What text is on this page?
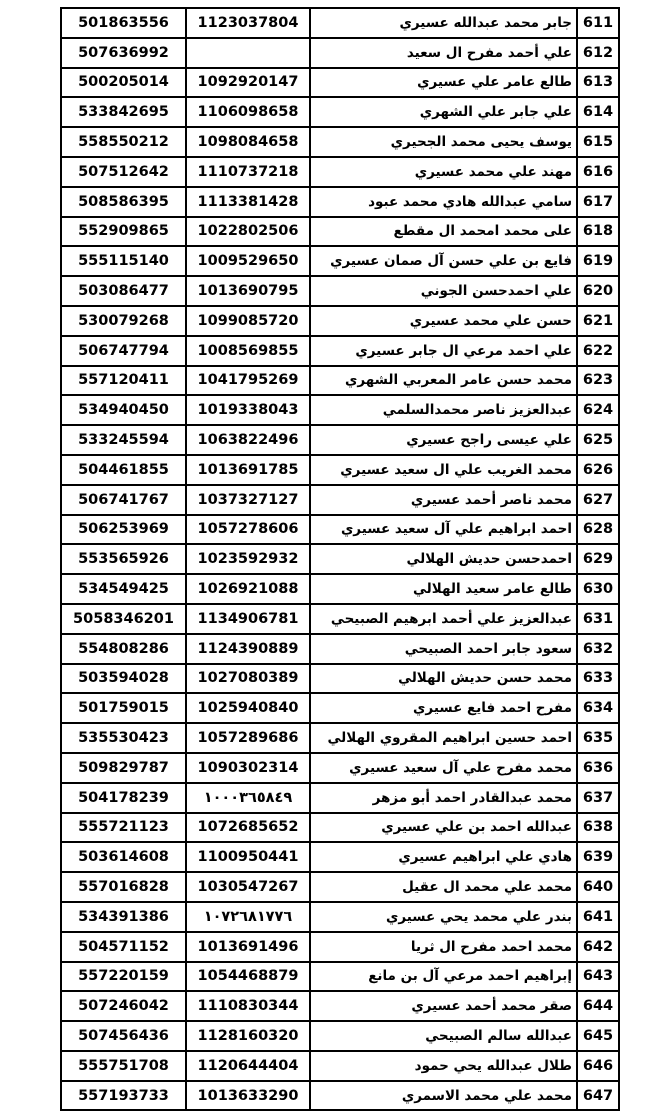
501863556	1123037804	جابر محمد عبدالله عسيري	611
507636992		علي أحمد مفرح ال سعيد	612
500205014	1092920147	طالع عامر علي عسيري	613
533842695	1106098658	علي جابر علي الشهري	614
558550212	1098084658	يوسف يحيى محمد الجحيري	615
507512642	1110737218	مهند علي محمد عسيري	616
508586395	1113381428	سامي عبدالله هادي محمد عبود	617
552909865	1022802506	على محمد امحمد ال مقطع	618
555115140	1009529650	فايع بن علي حسن آل صمان عسيري	619
503086477	1013690795	علي احمدحسن الجوني	620
530079268	1099085720	حسن علي محمد عسيري	621
506747794	1008569855	علي احمد مرعي ال جابر عسيري	622
557120411	1041795269	محمد حسن عامر المعربي الشهري	623
534940450	1019338043	عبدالعزيز ناصر محمدالسلمي	624
533245594	1063822496	علي عيسى راجح عسيري	625
504461855	1013691785	محمد الغريب علي ال سعيد عسيري	626
506741767	1037327127	محمد ناصر أحمد عسيري	627
506253969	1057278606	احمد ابراهيم علي آل سعيد عسيري	628
553565926	1023592932	احمدحسن حديش الهلالي	629
534549425	1026921088	طالع عامر سعيد الهلالي	630
5058346201	1134906781	عبدالعزيز علي أحمد ابرهيم الصبيحي	631
554808286	1124390889	سعود جابر احمد الصبيحي	632
503594028	1027080389	محمد حسن حديش الهلالي	633
501759015	1025940840	مفرح احمد فايع عسيري	634
535530423	1057289686	احمد حسين ابراهيم المقروي الهلالي	635
509829787	1090302314	محمد مفرح علي آل سعيد عسيري	636
504178239	١٠٠٠٣٦٥٨٤٩	محمد عبدالقادر احمد أبو مزهر	637
555721123	1072685652	عبدالله احمد بن علي عسيري	638
503614608	1100950441	هادي علي ابراهيم عسيري	639
557016828	1030547267	محمد علي محمد ال عقيل	640
534391386	١٠٧٢٦٨١٧٧٦	بندر علي محمد يحي عسيري	641
504571152	1013691496	محمد احمد مفرح ال ثريا	642
557220159	1054468879	إبراهيم احمد مرعي آل بن مانع	643
507246042	1110830344	صقر محمد أحمد عسيري	644
507456436	1128160320	عبدالله سالم الصبيحي	645
555751708	1120644404	طلال عبدالله يحي حمود	646
557193733	1013633290	محمد علي محمد الاسمري	647
